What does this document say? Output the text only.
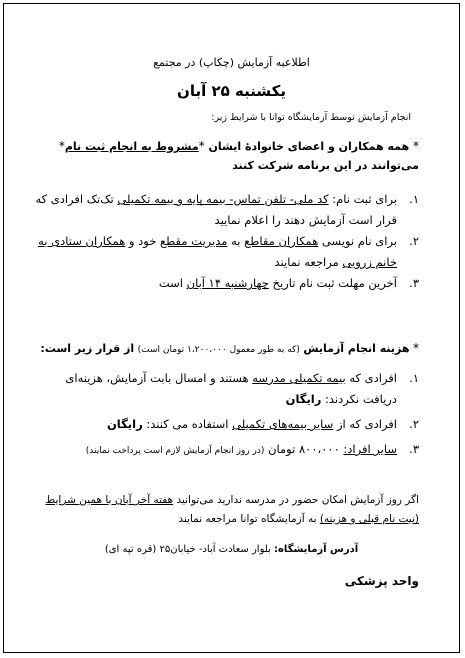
اطلاعیه آزمایش (چکاپ) در مجتمع
یکشنبه ۲۵ آبان
انجام آزمایش توسط آزمایشگاه توانا با شرایط زیر:
* همه همکاران و اعضای خانوادهٔ ایشان *مشروط به انجام ثبت نام* می‌توانند در این برنامه شرکت کنند
۱.
برای ثبت نام: کد ملی- تلفن تماس- بیمه پایه و بیمه تکمیلی تک‌تک افرادی که قرار است آزمایش دهند را اعلام نمایید
۲.
برای نام نویسی همکاران مقاطع به مدیریت مقطع خود و همکاران ستادی به خانم زرویی مراجعه نمایند
۳.
آخرین مهلت ثبت نام تاریخ چهارشنبه ۱۴ آبان است
* هزینه انجام آزمایش (که به طور معمول ۱،۲۰۰،۰۰۰ تومان است) از قرار زیر است:
۱.
افرادی که بیمه تکمیلی مدرسه هستند و امسال بابت آزمایش، هزینه‌ای دریافت نکردند: رایگان
۲.
افرادی که از سایر بیمه‌های تکمیلی استفاده می کنند: رایگان
۳.
سایر افراد: ۸۰۰،۰۰۰ تومان (در روز انجام آزمایش لازم است پرداخت نمایند)
اگر روز آزمایش امکان حضور در مدرسه ندارید می‌توانید هفته آخر آبان با همین شرایط (نیت نام قبلی و هزینه) به آزمایشگاه توانا مراجعه نمایند
آدرس آزمایشگاه: بلوار سعادت آباد- خیابان۲۵ (قره تپه ای)
واحد پزشکی
